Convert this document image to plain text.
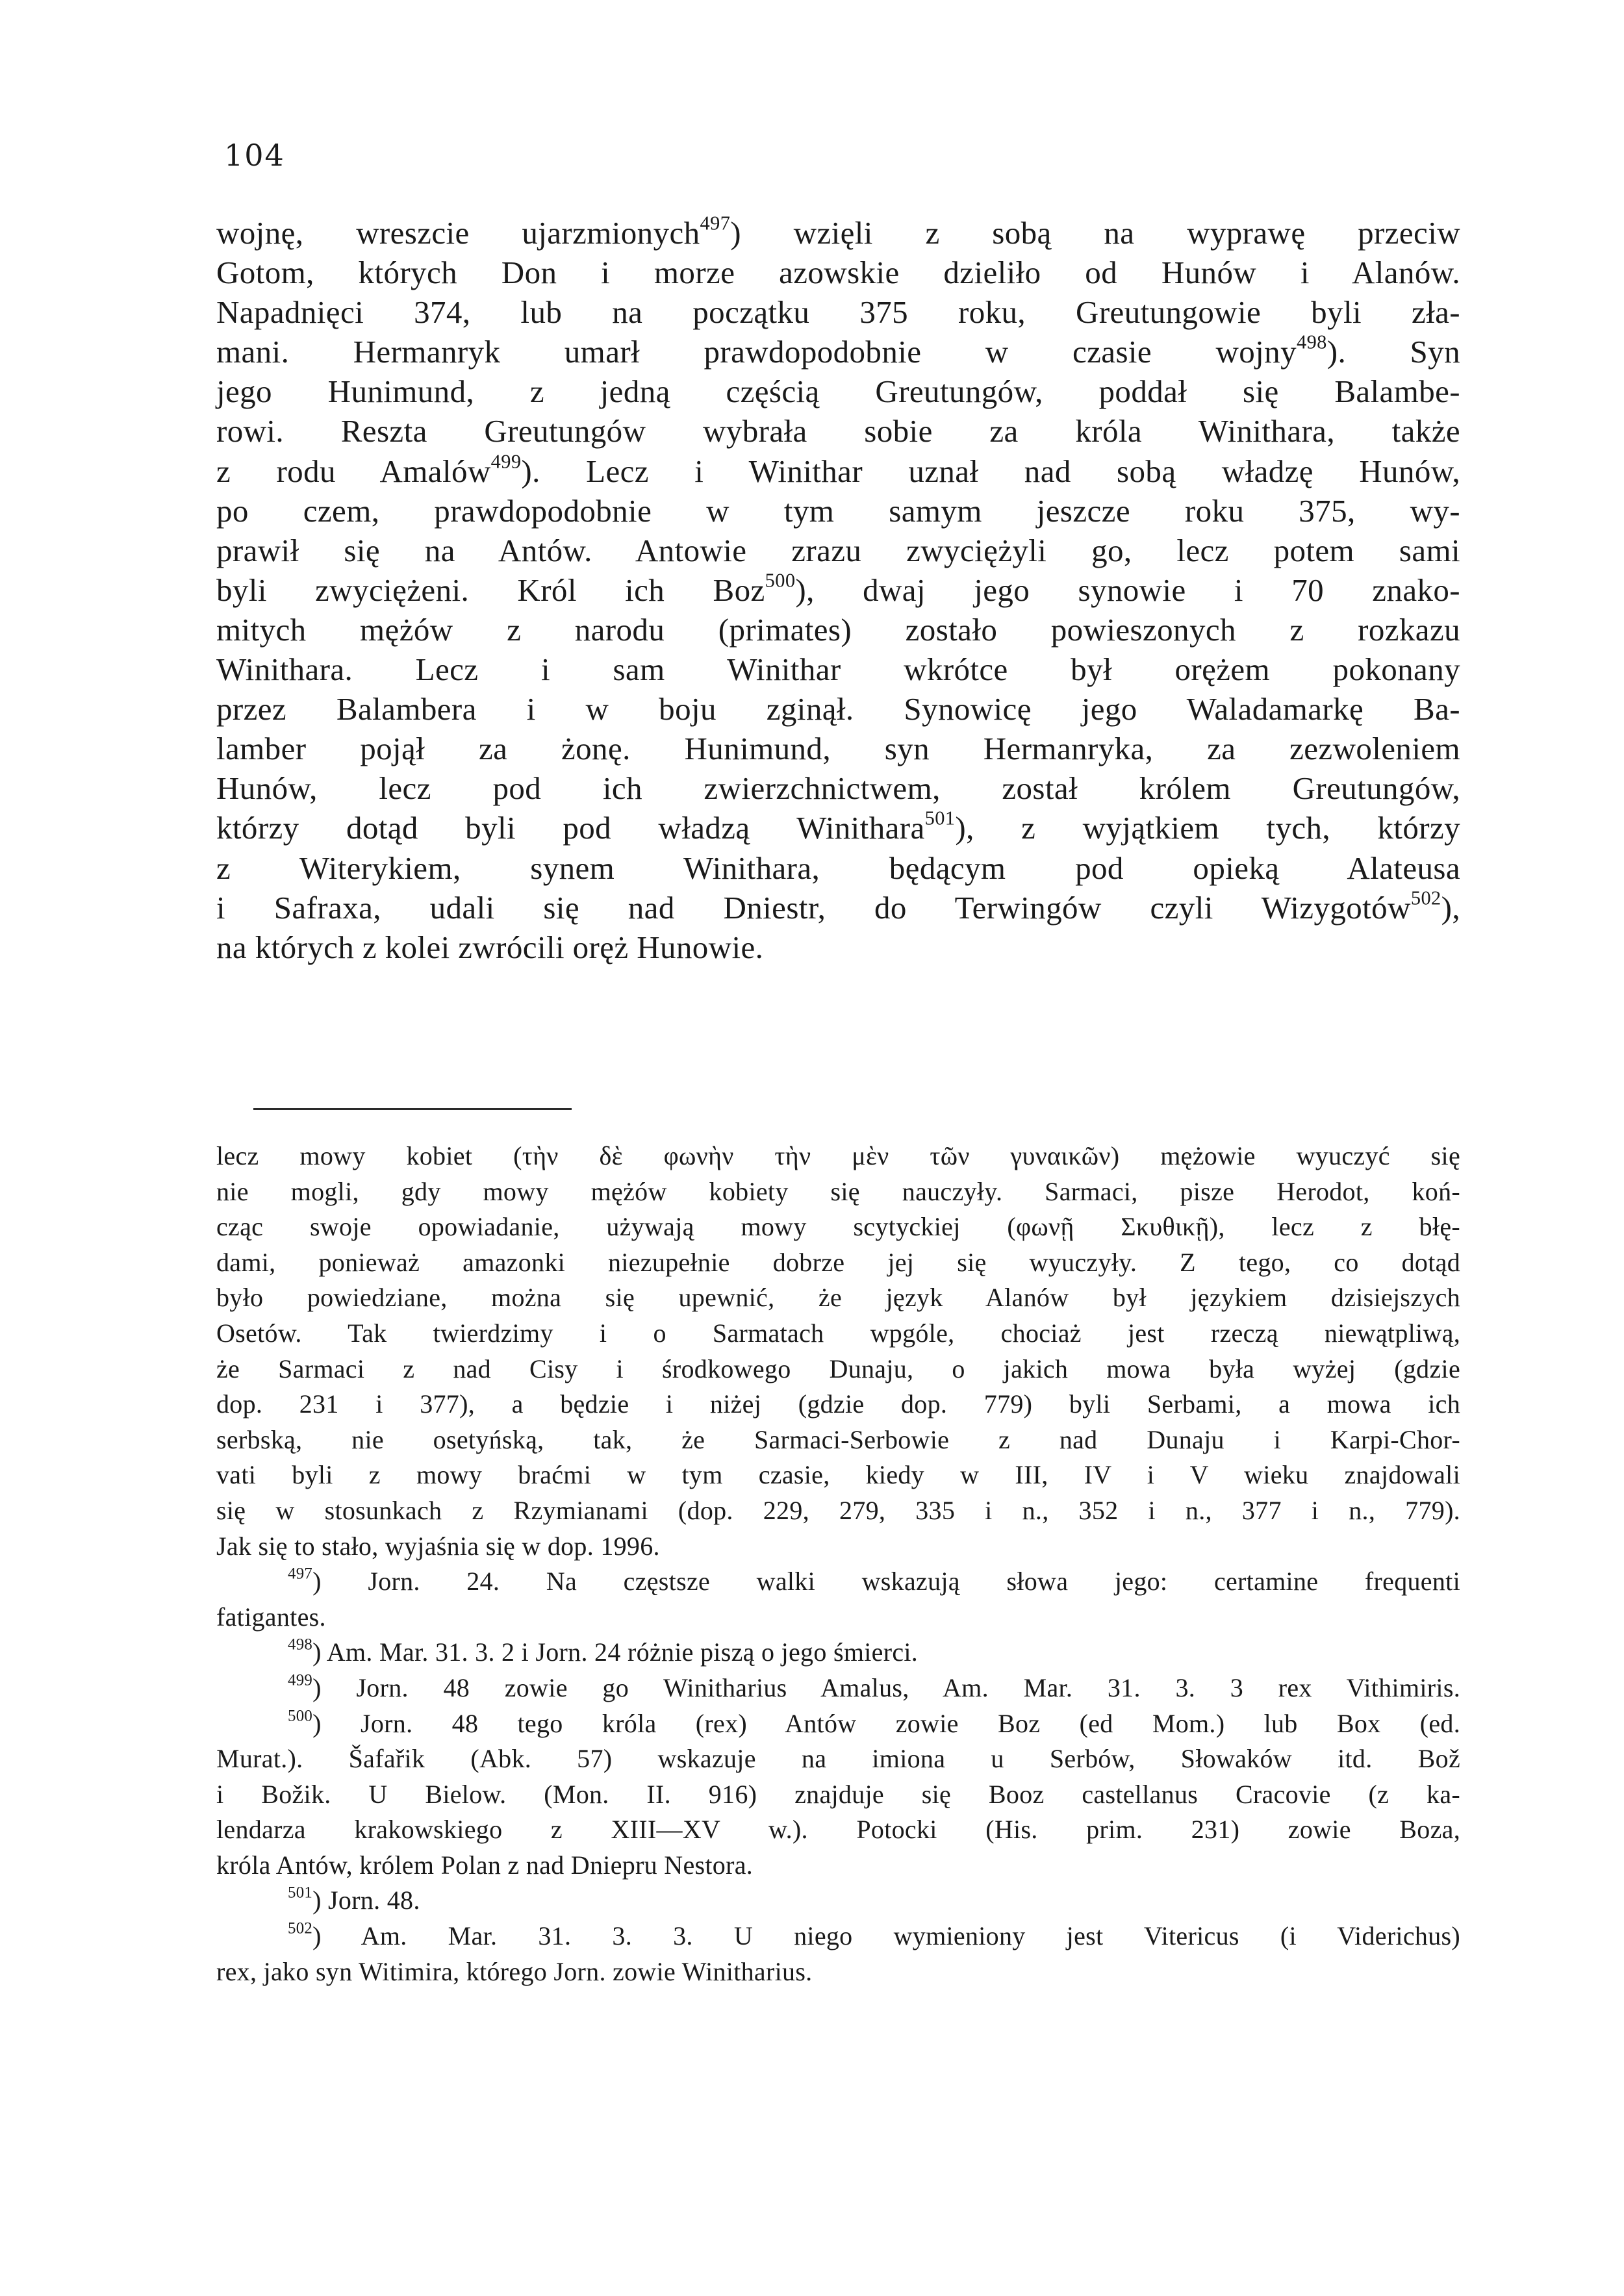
104
wojnę, wreszcie ujarzmionych$^{497}$) wzięli z sobą na wyprawę przeciw
Gotom, których Don i morze azowskie dzieliło od Hunów i Alanów.
Napadnięci 374, lub na początku 375 roku, Greutungowie byli zła-
mani. Hermanryk umarł prawdopodobnie w czasie wojny$^{498}$). Syn
jego Hunimund, z jedną częścią Greutungów, poddał się Balambe-
rowi. Reszta Greutungów wybrała sobie za króla Winithara, także
z rodu Amalów$^{499}$). Lecz i Winithar uznał nad sobą władzę Hunów,
po czem, prawdopodobnie w tym samym jeszcze roku 375, wy-
prawił się na Antów. Antowie zrazu zwyciężyli go, lecz potem sami
byli zwyciężeni. Król ich Boz$^{500}$), dwaj jego synowie i 70 znako-
mitych mężów z narodu (primates) zostało powieszonych z rozkazu
Winithara. Lecz i sam Winithar wkrótce był orężem pokonany
przez Balambera i w boju zginął. Synowicę jego Waladamarkę Ba-
lamber pojął za żonę. Hunimund, syn Hermanryka, za zezwoleniem
Hunów, lecz pod ich zwierzchnictwem, został królem Greutungów,
którzy dotąd byli pod władzą Winithara$^{501}$), z wyjątkiem tych, którzy
z Witerykiem, synem Winithara, będącym pod opieką Alateusa
i Safraxa, udali się nad Dniestr, do Terwingów czyli Wizygotów$^{502}$),
na których z kolei zwrócili oręż Hunowie.
lecz mowy kobiet (τὴν δὲ φωνὴν τὴν μὲν τῶν γυναικῶν) mężowie wyuczyć się
nie mogli, gdy mowy mężów kobiety się nauczyły. Sarmaci, pisze Herodot, koń-
cząc swoje opowiadanie, używają mowy scytyckiej (φωνῇ Σκυθικῇ), lecz z błę-
dami, ponieważ amazonki niezupełnie dobrze jej się wyuczyły. Z tego, co dotąd
było powiedziane, można się upewnić, że język Alanów był językiem dzisiejszych
Osetów. Tak twierdzimy i o Sarmatach wpgóle, chociaż jest rzeczą niewątpliwą,
że Sarmaci z nad Cisy i środkowego Dunaju, o jakich mowa była wyżej (gdzie
dop. 231 i 377), a będzie i niżej (gdzie dop. 779) byli Serbami, a mowa ich
serbską, nie osetyńską, tak, że Sarmaci-Serbowie z nad Dunaju i Karpi-Chor-
vati byli z mowy braćmi w tym czasie, kiedy w III, IV i V wieku znajdowali
się w stosunkach z Rzymianami (dop. 229, 279, 335 i n., 352 i n., 377 i n., 779).
Jak się to stało, wyjaśnia się w dop. 1996.
$^{497}$) Jorn. 24. Na częstsze walki wskazują słowa jego: certamine frequenti
fatigantes.
$^{498}$) Am. Mar. 31. 3. 2 i Jorn. 24 różnie piszą o jego śmierci.
$^{499}$) Jorn. 48 zowie go Winitharius Amalus, Am. Mar. 31. 3. 3 rex Vithimiris.
$^{500}$) Jorn. 48 tego króla (rex) Antów zowie Boz (ed Mom.) lub Box (ed.
Murat.). Šafařik (Abk. 57) wskazuje na imiona u Serbów, Słowaków itd. Bož
i Božik. U Bielow. (Mon. II. 916) znajduje się Booz castellanus Cracovie (z ka-
lendarza krakowskiego z XIII—XV w.). Potocki (His. prim. 231) zowie Boza,
króla Antów, królem Polan z nad Dniepru Nestora.
$^{501}$) Jorn. 48.
$^{502}$) Am. Mar. 31. 3. 3. U niego wymieniony jest Vitericus (i Viderichus)
rex, jako syn Witimira, którego Jorn. zowie Winitharius.
